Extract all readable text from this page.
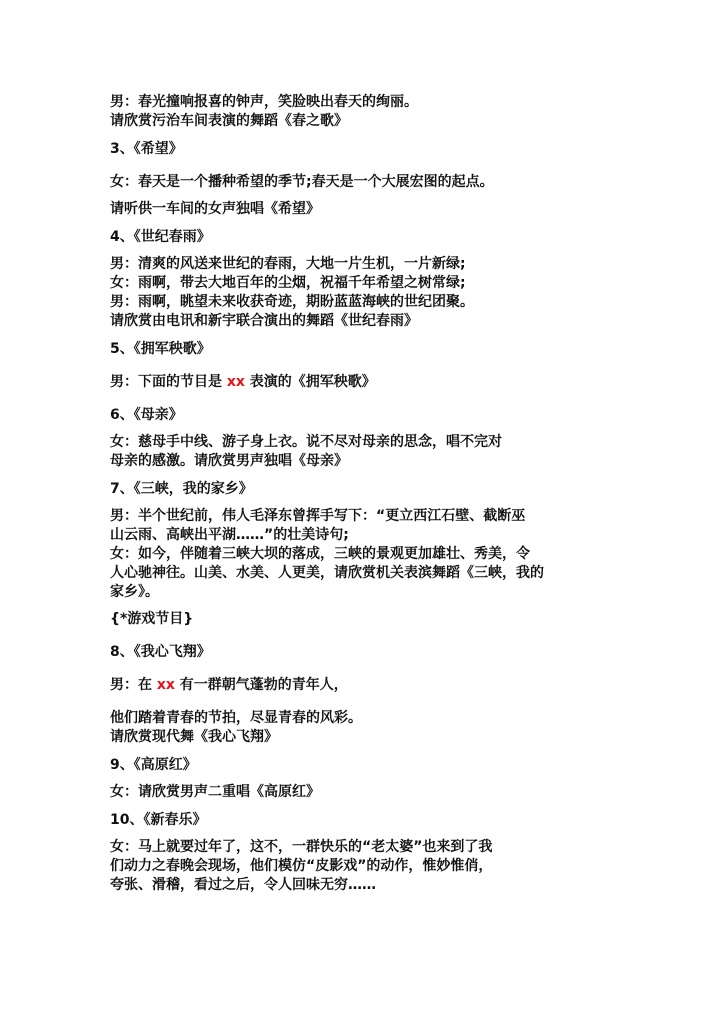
男：春光撞响报喜的钟声，笑脸映出春天的绚丽。
请欣赏污治车间表演的舞蹈《春之歌》
3、《希望》
女：春天是一个播种希望的季节;春天是一个大展宏图的起点。
请听供一车间的女声独唱《希望》
4、《世纪春雨》
男：清爽的风送来世纪的春雨，大地一片生机，一片新绿;
女：雨啊，带去大地百年的尘烟，祝福千年希望之树常绿;
男：雨啊，眺望未来收获奇迹，期盼蓝蓝海峡的世纪团聚。
请欣赏由电讯和新宇联合演出的舞蹈《世纪春雨》
5、《拥军秧歌》
男：下面的节目是 xx 表演的《拥军秧歌》
6、《母亲》
女：慈母手中线、游子身上衣。说不尽对母亲的思念，唱不完对
母亲的感激。请欣赏男声独唱《母亲》
7、《三峡，我的家乡》
男：半个世纪前，伟人毛泽东曾挥手写下：“更立西江石壁、截断巫
山云雨、高峡出平湖……”的壮美诗句;
女：如今，伴随着三峡大坝的落成，三峡的景观更加雄壮、秀美，令
人心驰神往。山美、水美、人更美，请欣赏机关表滨舞蹈《三峡，我的
家乡》。
{*游戏节目}
8、《我心飞翔》
男：在 xx 有一群朝气蓬勃的青年人，
他们踏着青春的节拍，尽显青春的风彩。
请欣赏现代舞《我心飞翔》
9、《高原红》
女：请欣赏男声二重唱《高原红》
10、《新春乐》
女：马上就要过年了，这不，一群快乐的“老太婆”也来到了我
们动力之春晚会现场，他们模仿“皮影戏”的动作，惟妙惟俏，
夸张、滑稽，看过之后，令人回味无穷……
